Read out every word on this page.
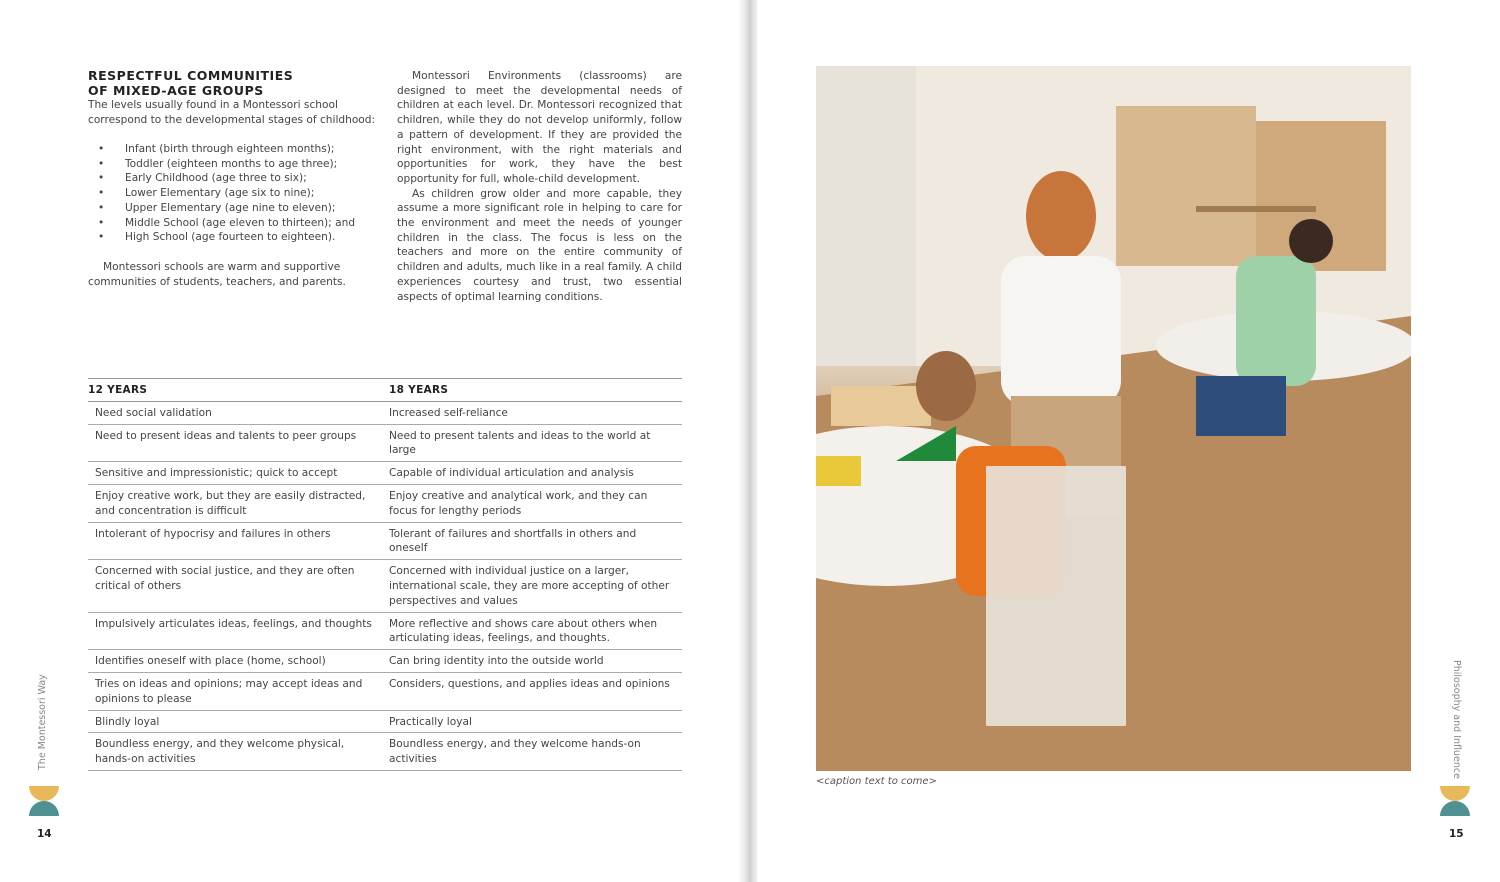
RESPECTFUL COMMUNITIES
OF MIXED-AGE GROUPS

The levels usually found in a Montessori school correspond to the developmental stages of childhood:

• Infant (birth through eighteen months);
• Toddler (eighteen months to age three);
• Early Childhood (age three to six);
• Lower Elementary (age six to nine);
• Upper Elementary (age nine to eleven);
• Middle School (age eleven to thirteen); and
• High School (age fourteen to eighteen).

Montessori schools are warm and supportive communities of students, teachers, and parents.

Montessori Environments (classrooms) are designed to meet the developmental needs of children at each level. Dr. Montessori recognized that children, while they do not develop uniformly, follow a pattern of development. If they are provided the right environment, with the right materials and opportunities for work, they have the best opportunity for full, whole-child development.

As children grow older and more capable, they assume a more significant role in helping to care for the environment and meet the needs of younger children in the class. The focus is less on the teachers and more on the entire community of children and adults, much like in a real family. A child experiences courtesy and trust, two essential aspects of optimal learning conditions.

12 YEARS	18 YEARS
Need social validation	Increased self-reliance
Need to present ideas and talents to peer groups	Need to present talents and ideas to the world at large
Sensitive and impressionistic; quick to accept	Capable of individual articulation and analysis
Enjoy creative work, but they are easily distracted, and concentration is difficult	Enjoy creative and analytical work, and they can focus for lengthy periods
Intolerant of hypocrisy and failures in others	Tolerant of failures and shortfalls in others and oneself
Concerned with social justice, and they are often critical of others	Concerned with individual justice on a larger, international scale, they are more accepting of other perspectives and values
Impulsively articulates ideas, feelings, and thoughts	More reflective and shows care about others when articulating ideas, feelings, and thoughts.
Identifies oneself with place (home, school)	Can bring identity into the outside world
Tries on ideas and opinions; may accept ideas and opinions to please	Considers, questions, and applies ideas and opinions
Blindly loyal	Practically loyal
Boundless energy, and they welcome physical, hands-on activities	Boundless energy, and they welcome hands-on activities
The Montessori Way
14
<caption text to come>
Philosophy and Influence
15
